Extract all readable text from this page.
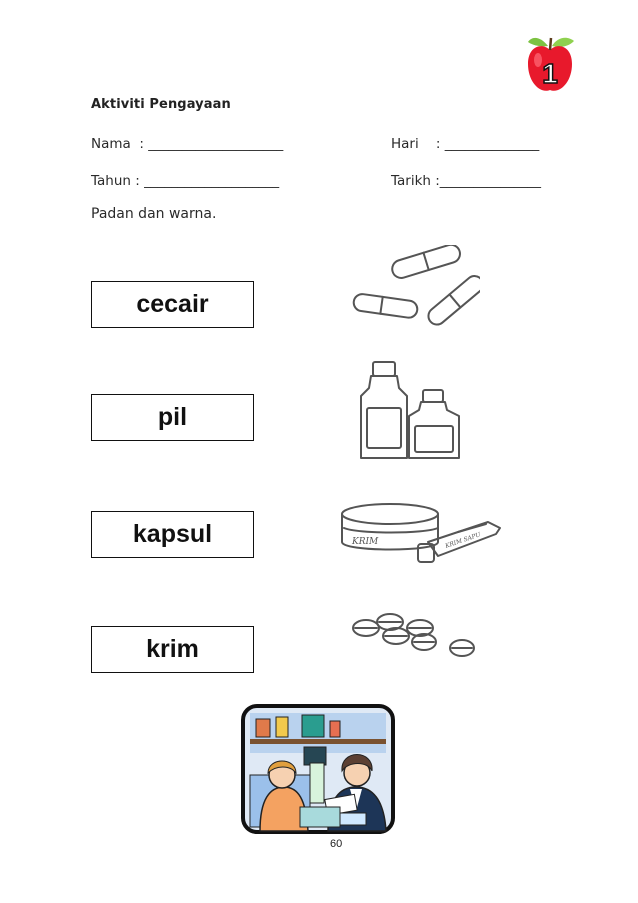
1
Aktiviti Pengayaan
Nama  : ____________________	Hari    : ______________
Tahun : ____________________	Tarikh :_______________
Padan dan warna.
cecair
pil
kapsul
krim
KRIM	KRIM SAPU
60
